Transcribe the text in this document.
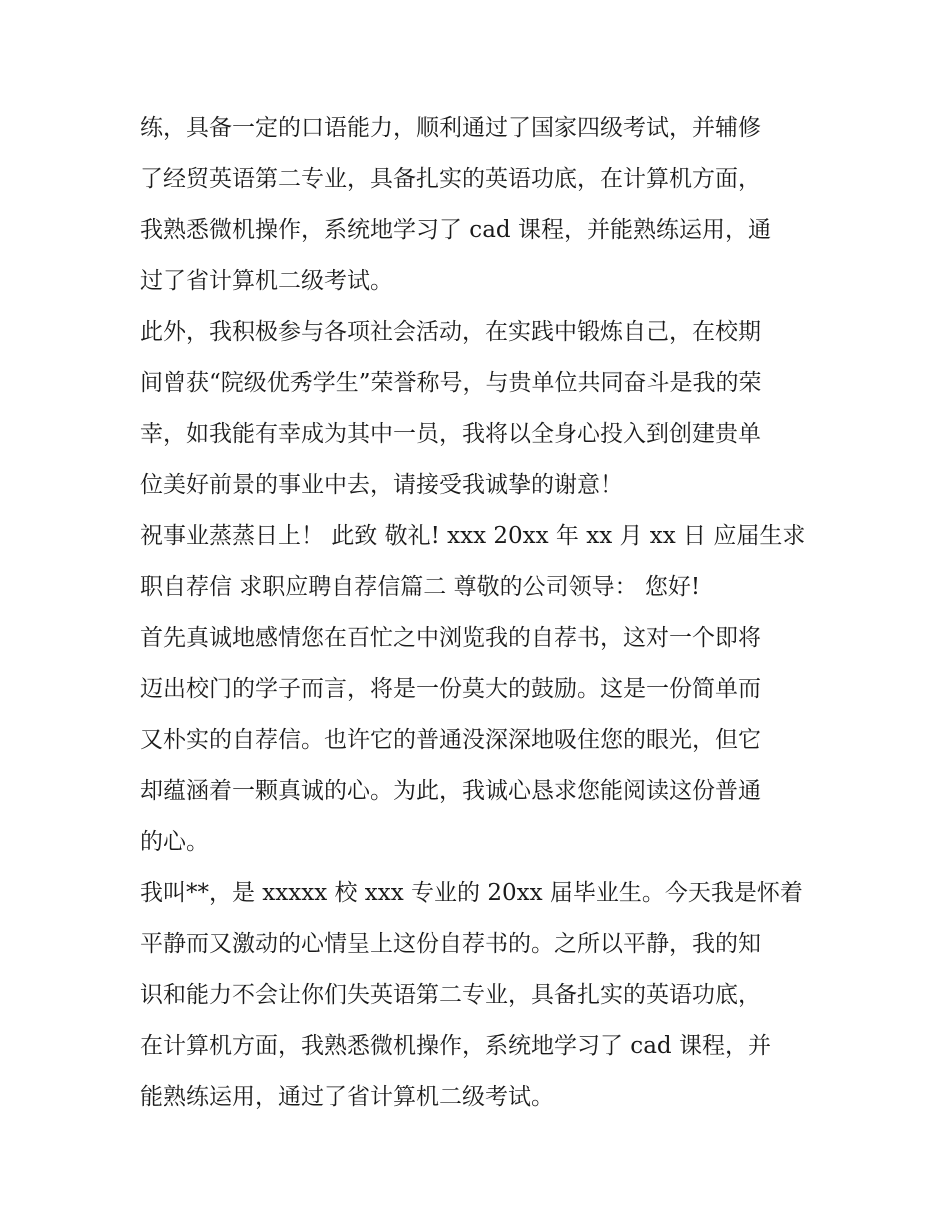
练，具备一定的口语能力，顺利通过了国家四级考试，并辅修

了经贸英语第二专业，具备扎实的英语功底，在计算机方面，

我熟悉微机操作，系统地学习了 cad 课程，并能熟练运用，通

过了省计算机二级考试。

此外，我积极参与各项社会活动，在实践中锻炼自己，在校期

间曾获“院级优秀学生”荣誉称号，与贵单位共同奋斗是我的荣

幸，如我能有幸成为其中一员，我将以全身心投入到创建贵单

位美好前景的事业中去，请接受我诚挚的谢意！

祝事业蒸蒸日上！ 此致 敬礼! xxx 20xx 年 xx 月 xx 日 应届生求

职自荐信 求职应聘自荐信篇二 尊敬的公司领导： 您好!

首先真诚地感情您在百忙之中浏览我的自荐书，这对一个即将

迈出校门的学子而言，将是一份莫大的鼓励。这是一份简单而

又朴实的自荐信。也许它的普通没深深地吸住您的眼光，但它

却蕴涵着一颗真诚的心。为此，我诚心恳求您能阅读这份普通

的心。

我叫**，是 xxxxx 校 xxx 专业的 20xx 届毕业生。今天我是怀着

平静而又激动的心情呈上这份自荐书的。之所以平静，我的知

识和能力不会让你们失英语第二专业，具备扎实的英语功底，

在计算机方面，我熟悉微机操作，系统地学习了 cad 课程，并

能熟练运用，通过了省计算机二级考试。
